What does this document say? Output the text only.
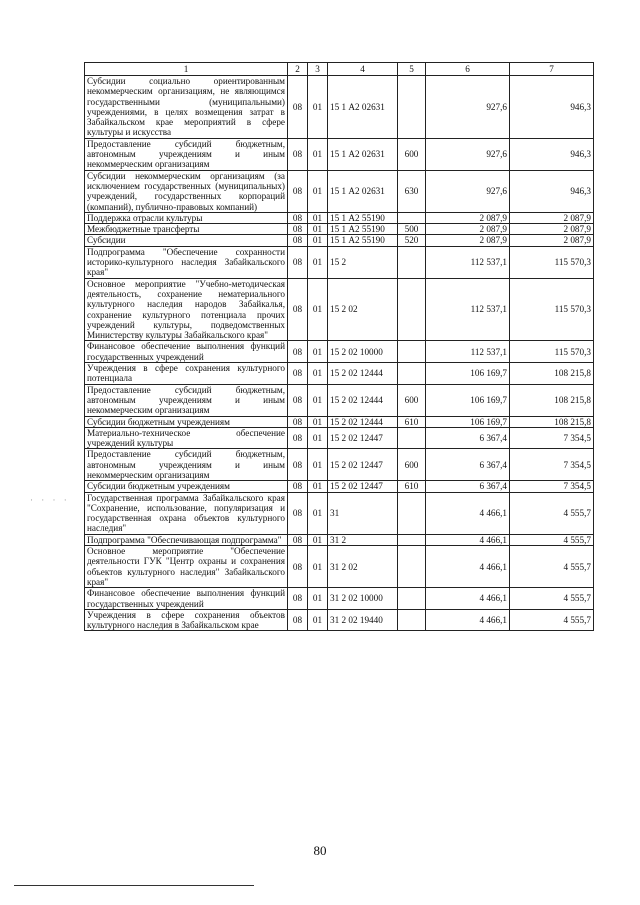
1	2	3	4	5	6	7
Субсидии социально ориентированным некоммерческим организациям, не являющимся государственными (муниципальными) учреждениями, в целях возмещения затрат в Забайкальском крае мероприятий в сфере культуры и искусства	08	01	15 1 А2 02631		927,6	946,3
Предоставление субсидий бюджетным, автономным учреждениям и иным некоммерческим организациям	08	01	15 1 А2 02631	600	927,6	946,3
Субсидии некоммерческим организациям (за исключением государственных (муниципальных) учреждений, государственных корпораций (компаний), публично-правовых компаний)	08	01	15 1 А2 02631	630	927,6	946,3
Поддержка отрасли культуры	08	01	15 1 А2 55190		2 087,9	2 087,9
Межбюджетные трансферты	08	01	15 1 А2 55190	500	2 087,9	2 087,9
Субсидии	08	01	15 1 А2 55190	520	2 087,9	2 087,9
Подпрограмма "Обеспечение сохранности историко-культурного наследия Забайкальского края"	08	01	15 2		112 537,1	115 570,3
Основное мероприятие "Учебно-методическая деятельность, сохранение нематериального культурного наследия народов Забайкалья, сохранение культурного потенциала прочих учреждений культуры, подведомственных Министерству культуры Забайкальского края"	08	01	15 2 02		112 537,1	115 570,3
Финансовое обеспечение выполнения функций государственных учреждений	08	01	15 2 02 10000		112 537,1	115 570,3
Учреждения в сфере сохранения культурного потенциала	08	01	15 2 02 12444		106 169,7	108 215,8
Предоставление субсидий бюджетным, автономным учреждениям и иным некоммерческим организациям	08	01	15 2 02 12444	600	106 169,7	108 215,8
Субсидии бюджетным учреждениям	08	01	15 2 02 12444	610	106 169,7	108 215,8
Материально-техническое обеспечение учреждений культуры	08	01	15 2 02 12447		6 367,4	7 354,5
Предоставление субсидий бюджетным, автономным учреждениям и иным некоммерческим организациям	08	01	15 2 02 12447	600	6 367,4	7 354,5
Субсидии бюджетным учреждениям	08	01	15 2 02 12447	610	6 367,4	7 354,5
Государственная программа Забайкальского края "Сохранение, использование, популяризация и государственная охрана объектов культурного наследия"	08	01	31		4 466,1	4 555,7
Подпрограмма "Обеспечивающая подпрограмма"	08	01	31 2		4 466,1	4 555,7
Основное мероприятие "Обеспечение деятельности ГУК "Центр охраны и сохранения объектов культурного наследия" Забайкальского края"	08	01	31 2 02		4 466,1	4 555,7
Финансовое обеспечение выполнения функций государственных учреждений	08	01	31 2 02 10000		4 466,1	4 555,7
Учреждения в сфере сохранения объектов культурного наследия в Забайкальском крае	08	01	31 2 02 19440		4 466,1	4 555,7
· · · ·
80
